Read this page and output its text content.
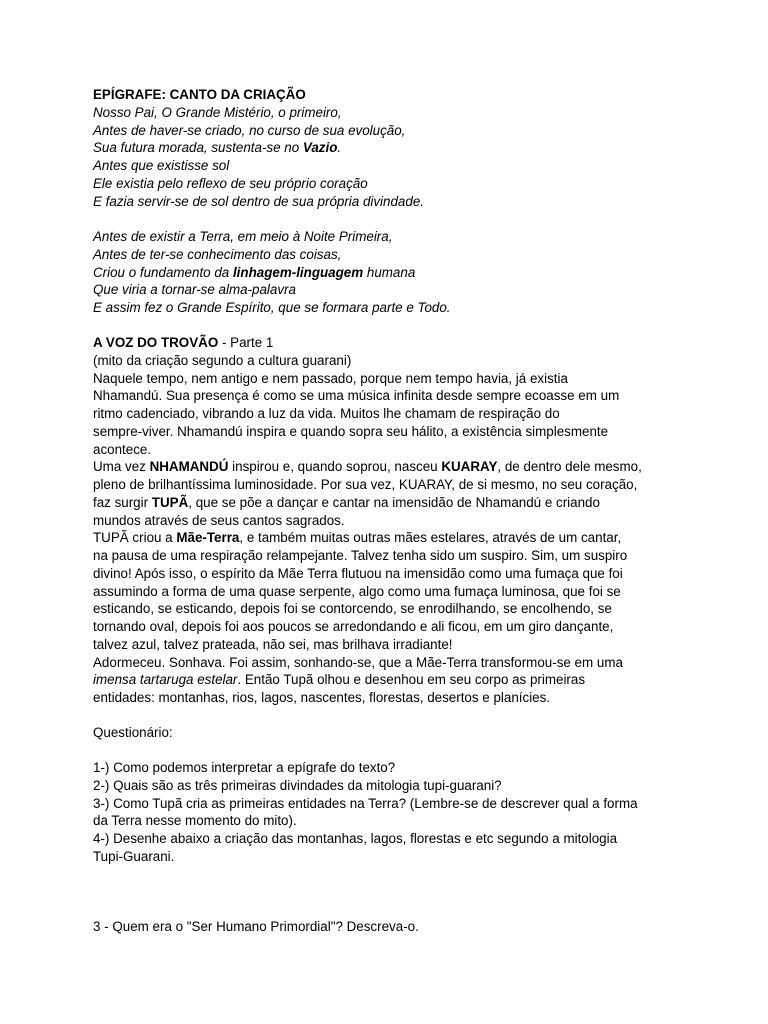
EPÍGRAFE: CANTO DA CRIAÇÃO
Nosso Pai, O Grande Mistério, o primeiro,
Antes de haver-se criado, no curso de sua evolução,
Sua futura morada, sustenta-se no Vazio.
Antes que existisse sol
Ele existia pelo reflexo de seu próprio coração
E fazia servir-se de sol dentro de sua própria divindade.
Antes de existir a Terra, em meio à Noite Primeira,
Antes de ter-se conhecimento das coisas,
Criou o fundamento da linhagem-linguagem humana
Que viria a tornar-se alma-palavra
E assim fez o Grande Espírito, que se formara parte e Todo.
A VOZ DO TROVÃO - Parte 1
(mito da criação segundo a cultura guarani)
Naquele tempo, nem antigo e nem passado, porque nem tempo havia, já existia
Nhamandú. Sua presença é como se uma música infinita desde sempre ecoasse em um
ritmo cadenciado, vibrando a luz da vida. Muitos lhe chamam de respiração do
sempre-viver. Nhamandú inspira e quando sopra seu hálito, a existência simplesmente
acontece.
Uma vez NHAMANDÚ inspirou e, quando soprou, nasceu KUARAY, de dentro dele mesmo,
pleno de brilhantíssima luminosidade. Por sua vez, KUARAY, de si mesmo, no seu coração,
faz surgir TUPÃ, que se põe a dançar e cantar na imensidão de Nhamandú e criando
mundos através de seus cantos sagrados.
TUPÃ criou a Mãe-Terra, e também muitas outras mães estelares, através de um cantar,
na pausa de uma respiração relampejante. Talvez tenha sido um suspiro. Sim, um suspiro
divino! Após isso, o espírito da Mãe Terra flutuou na imensidão como uma fumaça que foi
assumindo a forma de uma quase serpente, algo como uma fumaça luminosa, que foi se
esticando, se esticando, depois foi se contorcendo, se enrodilhando, se encolhendo, se
tornando oval, depois foi aos poucos se arredondando e ali ficou, em um giro dançante,
talvez azul, talvez prateada, não sei, mas brilhava irradiante!
Adormeceu. Sonhava. Foi assim, sonhando-se, que a Mãe-Terra transformou-se em uma
imensa tartaruga estelar. Então Tupã olhou e desenhou em seu corpo as primeiras
entidades: montanhas, rios, lagos, nascentes, florestas, desertos e planícies.
Questionário:
1-) Como podemos interpretar a epígrafe do texto?
2-) Quais são as três primeiras divindades da mitologia tupi-guarani?
3-) Como Tupã cria as primeiras entidades na Terra? (Lembre-se de descrever qual a forma
da Terra nesse momento do mito).
4-) Desenhe abaixo a criação das montanhas, lagos, florestas e etc segundo a mitologia
Tupi-Guarani.
3 - Quem era o "Ser Humano Primordial"? Descreva-o.
